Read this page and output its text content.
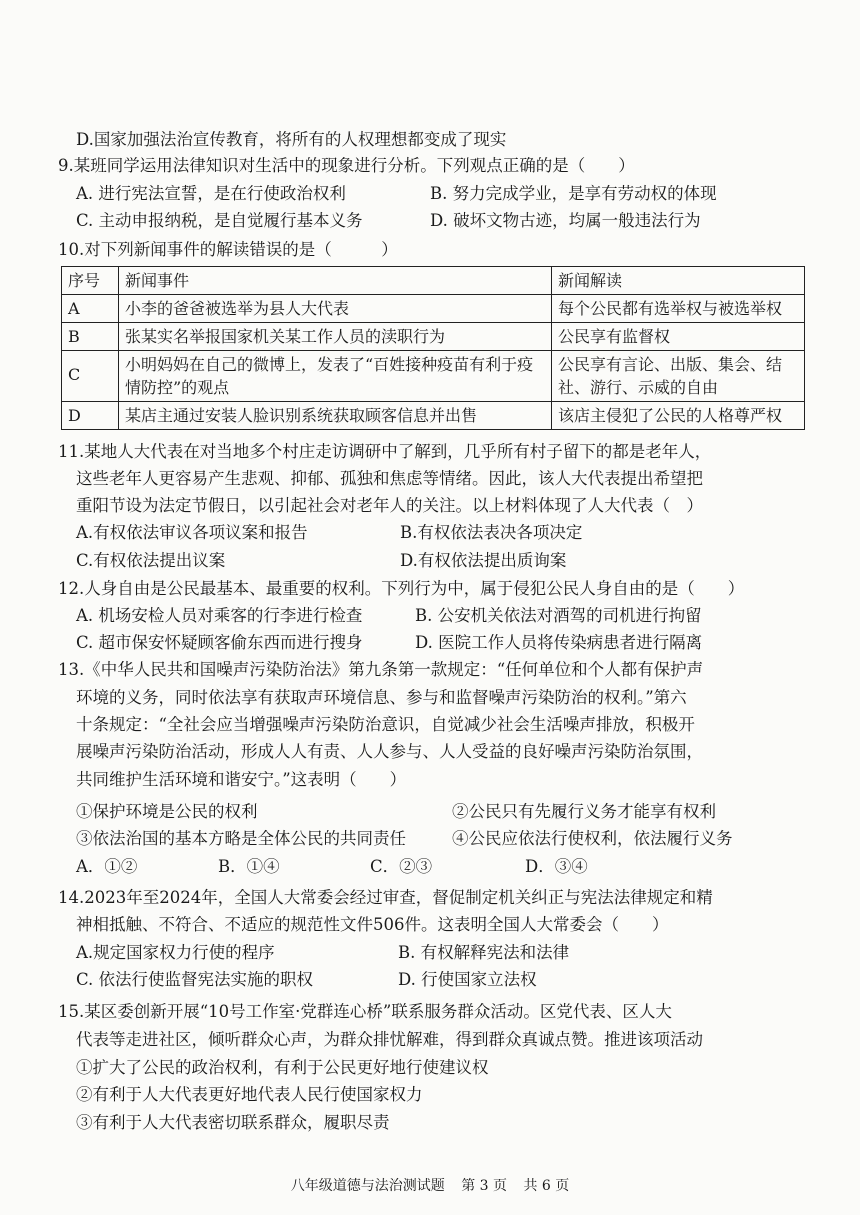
D.国家加强法治宣传教育，将所有的人权理想都变成了现实
9.某班同学运用法律知识对生活中的现象进行分析。下列观点正确的是（　　）
A. 进行宪法宣誓，是在行使政治权利	B. 努力完成学业，是享有劳动权的体现
C. 主动申报纳税，是自觉履行基本义务	D. 破坏文物古迹，均属一般违法行为
10.对下列新闻事件的解读错误的是（　　　）
序号	新闻事件	新闻解读
A	小李的爸爸被选举为县人大代表	每个公民都有选举权与被选举权
B	张某实名举报国家机关某工作人员的渎职行为	公民享有监督权
C	小明妈妈在自己的微博上，发表了“百姓接种疫苗有利于疫情防控”的观点	公民享有言论、出版、集会、结社、游行、示威的自由
D	某店主通过安装人脸识别系统获取顾客信息并出售	该店主侵犯了公民的人格尊严权
11.某地人大代表在对当地多个村庄走访调研中了解到，几乎所有村子留下的都是老年人，
这些老年人更容易产生悲观、抑郁、孤独和焦虑等情绪。因此，该人大代表提出希望把
重阳节设为法定节假日，以引起社会对老年人的关注。以上材料体现了人大代表（　）
A.有权依法审议各项议案和报告	B.有权依法表决各项决定
C.有权依法提出议案	D.有权依法提出质询案
12.人身自由是公民最基本、最重要的权利。下列行为中，属于侵犯公民人身自由的是（　　）
A. 机场安检人员对乘客的行李进行检查	B. 公安机关依法对酒驾的司机进行拘留
C. 超市保安怀疑顾客偷东西而进行搜身	D. 医院工作人员将传染病患者进行隔离
13.《中华人民共和国噪声污染防治法》第九条第一款规定：“任何单位和个人都有保护声
环境的义务，同时依法享有获取声环境信息、参与和监督噪声污染防治的权利。”第六
十条规定：“全社会应当增强噪声污染防治意识，自觉减少社会生活噪声排放，积极开
展噪声污染防治活动，形成人人有责、人人参与、人人受益的良好噪声污染防治氛围，
共同维护生活环境和谐安宁。”这表明（　　）
①保护环境是公民的权利	②公民只有先履行义务才能享有权利
③依法治国的基本方略是全体公民的共同责任	④公民应依法行使权利，依法履行义务
A．①②	B．①④	C．②③	D．③④
14.2023年至2024年，全国人大常委会经过审查，督促制定机关纠正与宪法法律规定和精
神相抵触、不符合、不适应的规范性文件506件。这表明全国人大常委会（　　）
A.规定国家权力行使的程序	B. 有权解释宪法和法律
C. 依法行使监督宪法实施的职权	D. 行使国家立法权
15.某区委创新开展“10号工作室·党群连心桥”联系服务群众活动。区党代表、区人大
代表等走进社区，倾听群众心声，为群众排忧解难，得到群众真诚点赞。推进该项活动
①扩大了公民的政治权利，有利于公民更好地行使建议权
②有利于人大代表更好地代表人民行使国家权力
③有利于人大代表密切联系群众，履职尽责
八年级道德与法治测试题 第 3 页 共 6 页
